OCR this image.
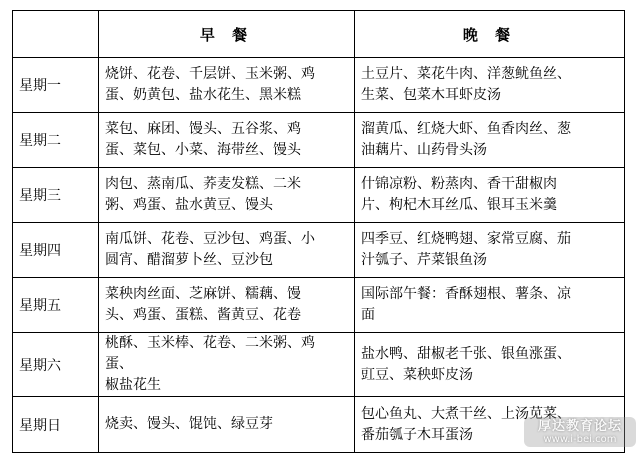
	早 餐	晚 餐
星期一	烧饼、花卷、千层饼、玉米粥、鸡
蛋、奶黄包、盐水花生、黑米糕	土豆片、菜花牛肉、洋葱鱿鱼丝、
生菜、包菜木耳虾皮汤

星期二	菜包、麻团、馒头、五谷浆、鸡
蛋、菜包、小菜、海带丝、馒头	溜黄瓜、红烧大虾、鱼香肉丝、葱
油藕片、山药骨头汤

星期三	肉包、蒸南瓜、荞麦发糕、二米
粥、鸡蛋、盐水黄豆、馒头	什锦凉粉、粉蒸肉、香干甜椒肉
片、枸杞木耳丝瓜、银耳玉米羹

星期四	南瓜饼、花卷、豆沙包、鸡蛋、小
圆宵、醋溜萝卜丝、豆沙包	四季豆、红烧鸭翅、家常豆腐、茄
汁瓠子、芹菜银鱼汤

星期五	菜秧肉丝面、芝麻饼、糯藕、馒
头、鸡蛋、蛋糕、酱黄豆、花卷	国际部午餐：香酥翅根、薯条、凉
面

星期六	桃酥、玉米棒、花卷、二米粥、鸡
蛋、
椒盐花生	盐水鸭、甜椒老千张、银鱼涨蛋、
豇豆、菜秧虾皮汤

星期日	烧卖、馒头、馄饨、绿豆芽	包心鱼丸、大煮干丝、上汤苋菜、
番茄瓠子木耳蛋汤	厚达教育论坛
www.i-bei.com
